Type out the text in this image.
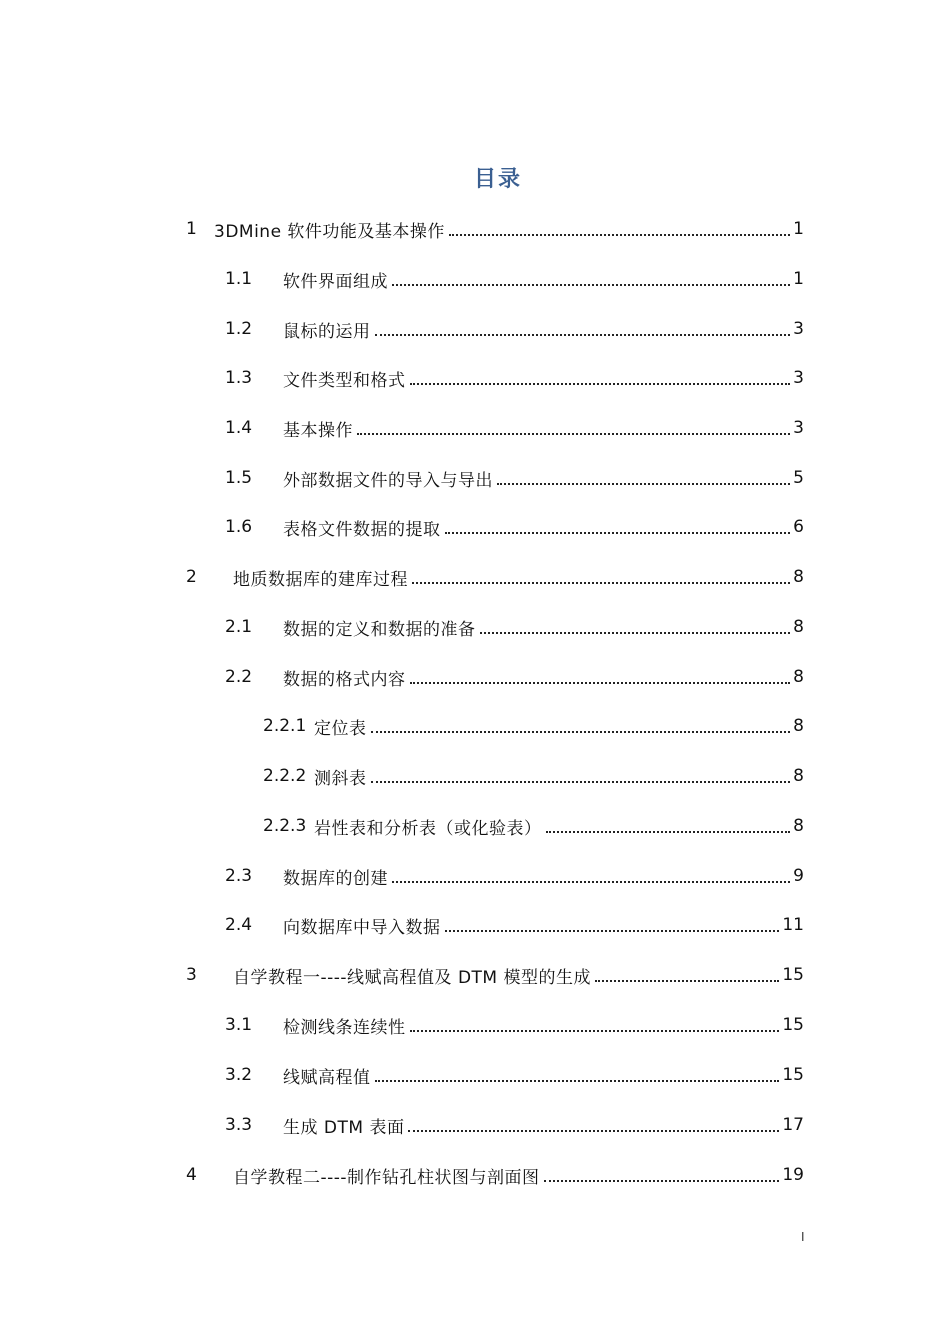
目录
1	3DMine 软件功能及基本操作	1
1.1	软件界面组成	1
1.2	鼠标的运用	3
1.3	文件类型和格式	3
1.4	基本操作	3
1.5	外部数据文件的导入与导出	5
1.6	表格文件数据的提取	6
2	地质数据库的建库过程	8
2.1	数据的定义和数据的准备	8
2.2	数据的格式内容	8
2.2.1 定位表	8
2.2.2 测斜表	8
2.2.3 岩性表和分析表（或化验表）	8
2.3	数据库的创建	9
2.4	向数据库中导入数据	11
3	自学教程一----线赋高程值及 DTM 模型的生成	15
3.1	检测线条连续性	15
3.2	线赋高程值	15
3.3	生成 DTM 表面	17
4	自学教程二----制作钻孔柱状图与剖面图	19
I
